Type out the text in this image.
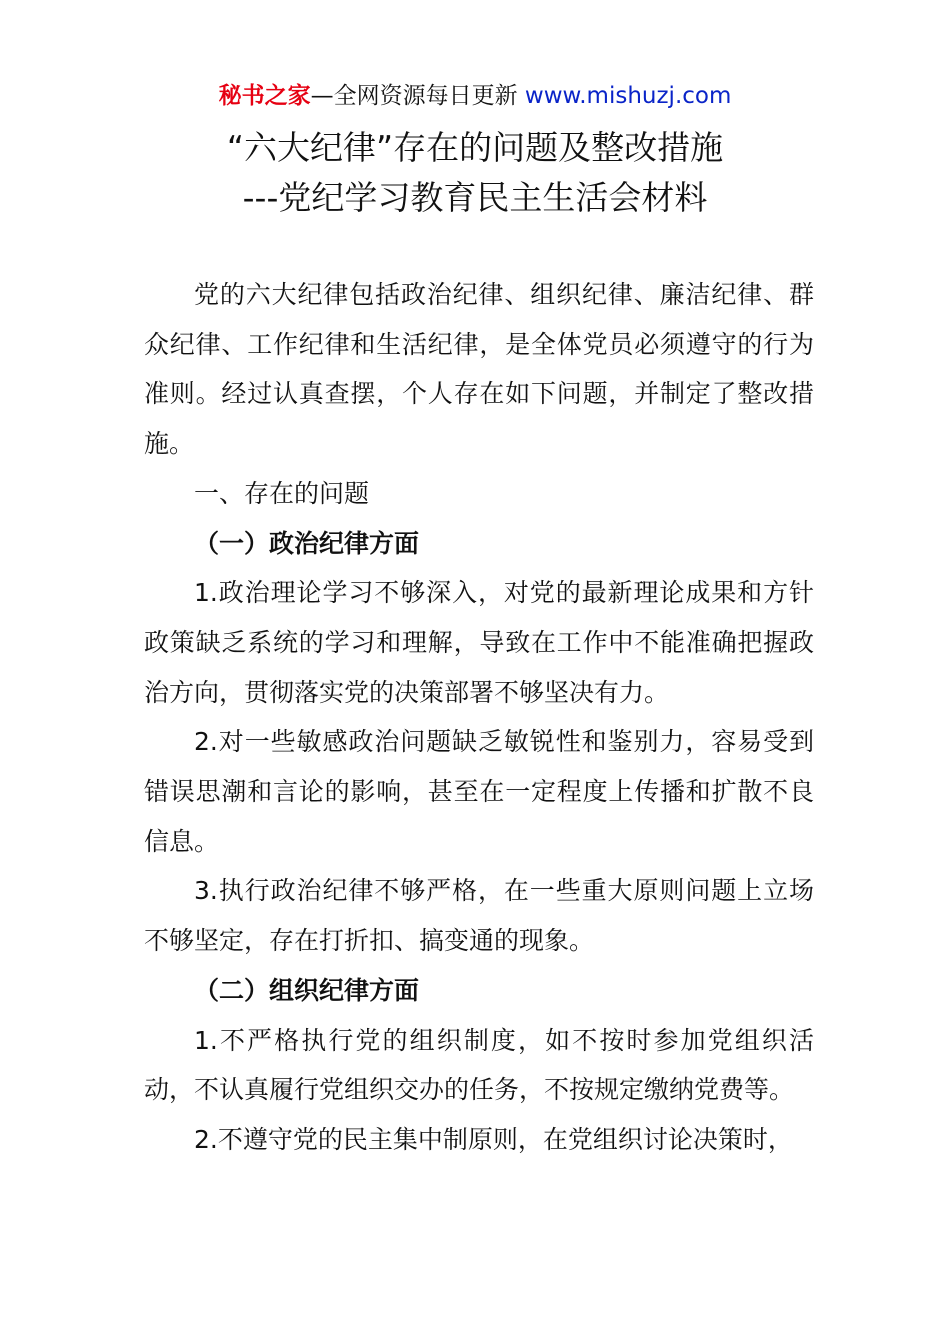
秘书之家—全网资源每日更新 www.mishuzj.com
“六大纪律”存在的问题及整改措施
---党纪学习教育民主生活会材料

党的六大纪律包括政治纪律、组织纪律、廉洁纪律、群众纪律、工作纪律和生活纪律，是全体党员必须遵守的行为准则。经过认真查摆，个人存在如下问题，并制定了整改措施。

一、存在的问题

（一）政治纪律方面

1.政治理论学习不够深入，对党的最新理论成果和方针政策缺乏系统的学习和理解，导致在工作中不能准确把握政治方向，贯彻落实党的决策部署不够坚决有力。

2.对一些敏感政治问题缺乏敏锐性和鉴别力，容易受到错误思潮和言论的影响，甚至在一定程度上传播和扩散不良信息。

3.执行政治纪律不够严格，在一些重大原则问题上立场不够坚定，存在打折扣、搞变通的现象。

（二）组织纪律方面

1.不严格执行党的组织制度，如不按时参加党组织活动，不认真履行党组织交办的任务，不按规定缴纳党费等。

2.不遵守党的民主集中制原则，在党组织讨论决策时，
